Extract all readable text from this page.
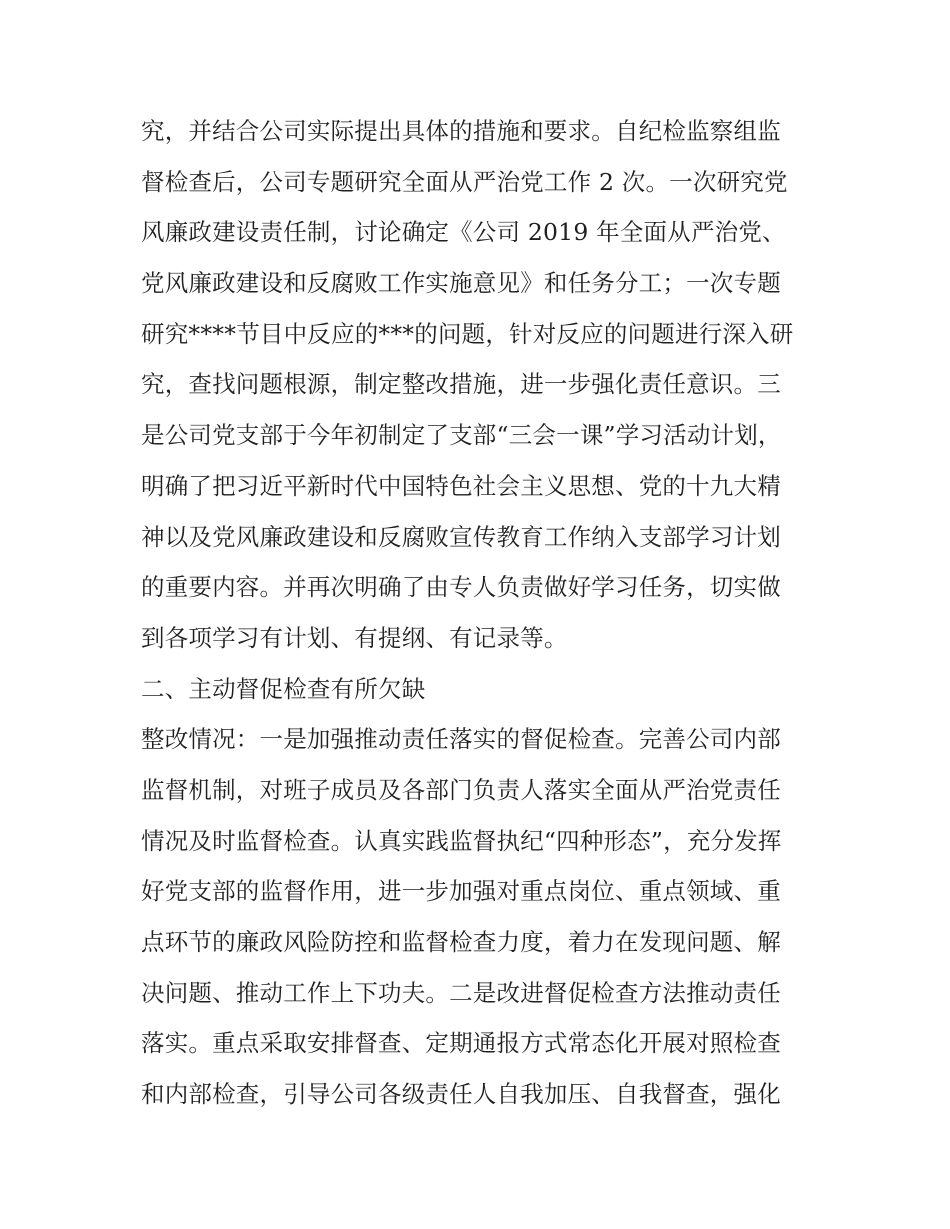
究，并结合公司实际提出具体的措施和要求。自纪检监察组监
督检查后，公司专题研究全面从严治党工作 2 次。一次研究党
风廉政建设责任制，讨论确定《公司 2019 年全面从严治党、
党风廉政建设和反腐败工作实施意见》和任务分工；一次专题
研究****节目中反应的***的问题，针对反应的问题进行深入研
究，查找问题根源，制定整改措施，进一步强化责任意识。三
是公司党支部于今年初制定了支部“三会一课”学习活动计划，
明确了把习近平新时代中国特色社会主义思想、党的十九大精
神以及党风廉政建设和反腐败宣传教育工作纳入支部学习计划
的重要内容。并再次明确了由专人负责做好学习任务，切实做
到各项学习有计划、有提纲、有记录等。
二、主动督促检查有所欠缺
整改情况：一是加强推动责任落实的督促检查。完善公司内部
监督机制，对班子成员及各部门负责人落实全面从严治党责任
情况及时监督检查。认真实践监督执纪“四种形态”，充分发挥
好党支部的监督作用，进一步加强对重点岗位、重点领域、重
点环节的廉政风险防控和监督检查力度，着力在发现问题、解
决问题、推动工作上下功夫。二是改进督促检查方法推动责任
落实。重点采取安排督查、定期通报方式常态化开展对照检查
和内部检查，引导公司各级责任人自我加压、自我督查，强化
